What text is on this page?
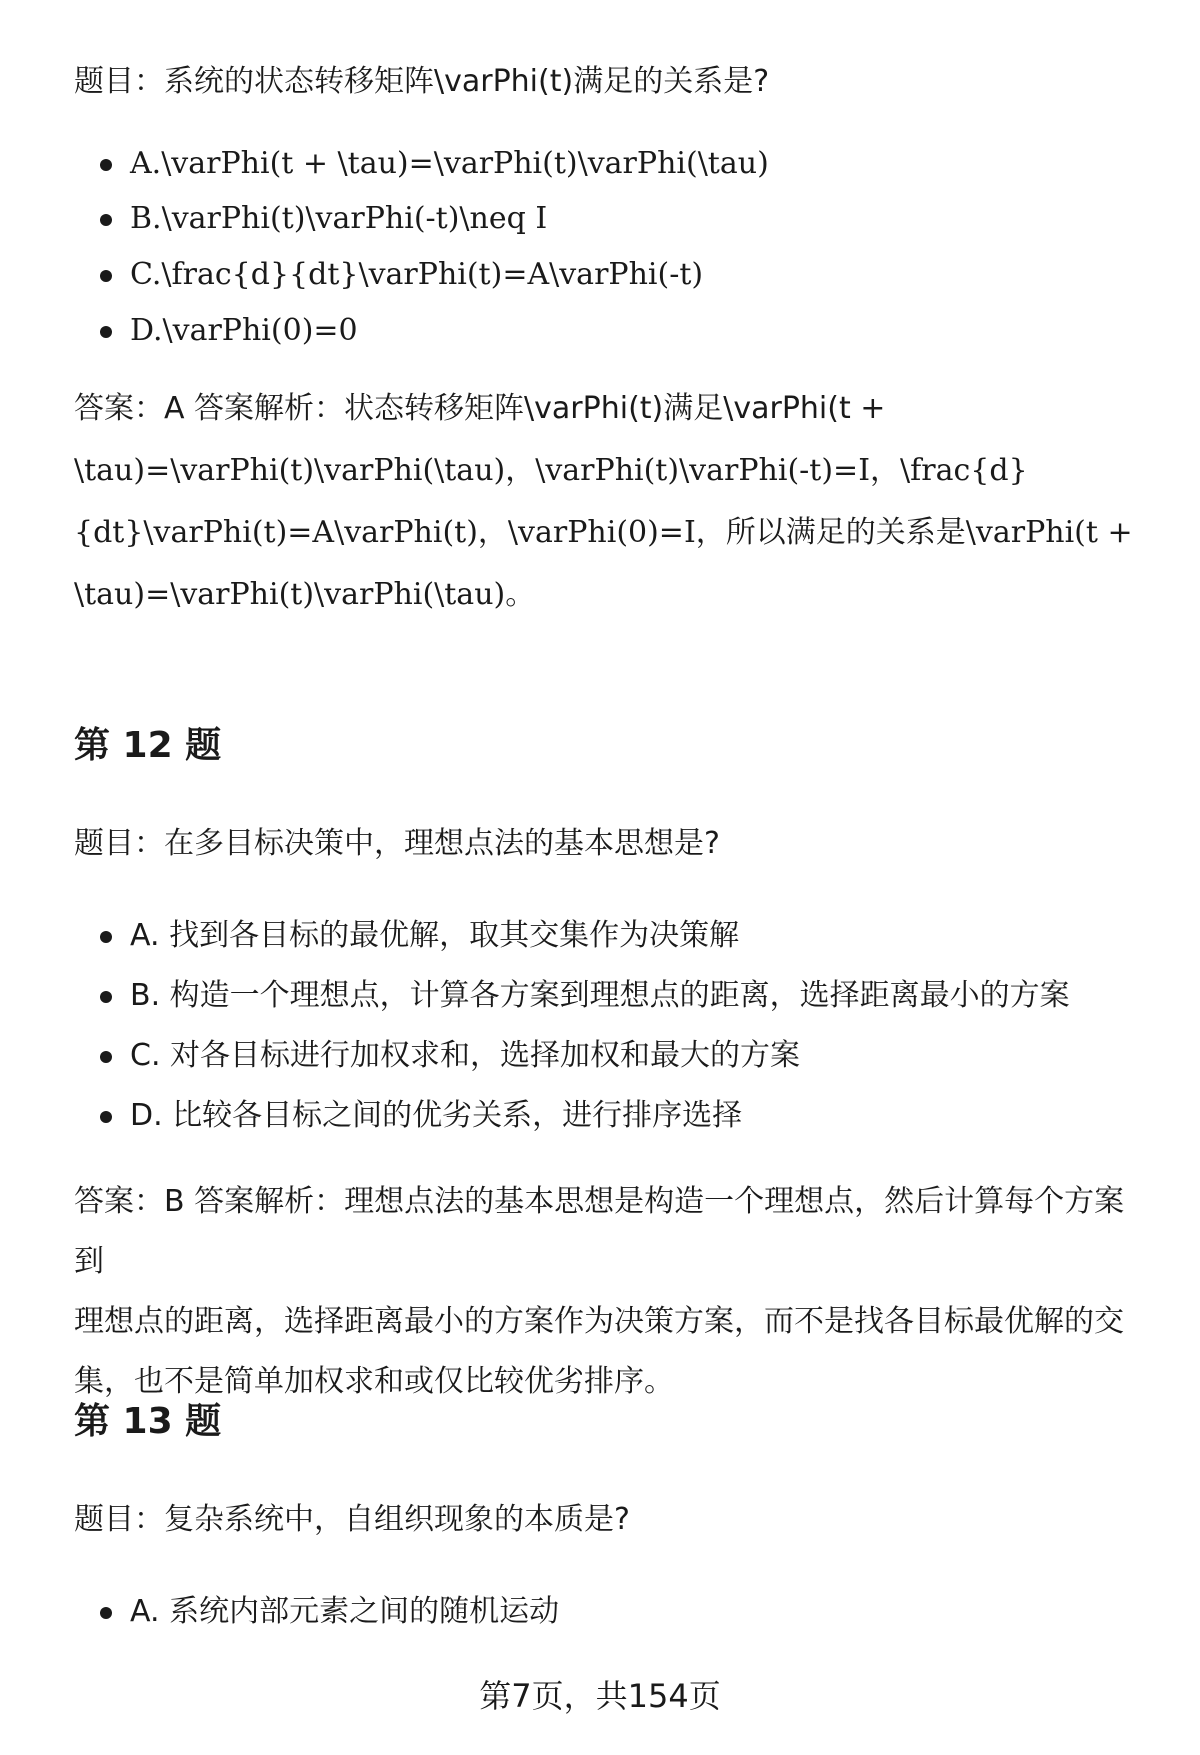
题目：系统的状态转移矩阵\varPhi(t)满足的关系是?

A.\varPhi(t + \tau)=\varPhi(t)\varPhi(\tau)
B.\varPhi(t)\varPhi(-t)\neq I
C.\frac{d}{dt}\varPhi(t)=A\varPhi(-t)
D.\varPhi(0)=0
答案：A 答案解析：状态转移矩阵\varPhi(t)满足\varPhi(t +
\tau)=\varPhi(t)\varPhi(\tau)，\varPhi(t)\varPhi(-t)=I，\frac{d}
{dt}\varPhi(t)=A\varPhi(t)，\varPhi(0)=I，所以满足的关系是\varPhi(t +
\tau)=\varPhi(t)\varPhi(\tau)。
第 12 题

题目：在多目标决策中，理想点法的基本思想是?

A. 找到各目标的最优解，取其交集作为决策解
B. 构造一个理想点，计算各方案到理想点的距离，选择距离最小的方案
C. 对各目标进行加权求和，选择加权和最大的方案
D. 比较各目标之间的优劣关系，进行排序选择
答案：B 答案解析：理想点法的基本思想是构造一个理想点，然后计算每个方案到
理想点的距离，选择距离最小的方案作为决策方案，而不是找各目标最优解的交
集，也不是简单加权求和或仅比较优劣排序。
第 13 题

题目：复杂系统中，自组织现象的本质是?

A. 系统内部元素之间的随机运动
第7页，共154页
